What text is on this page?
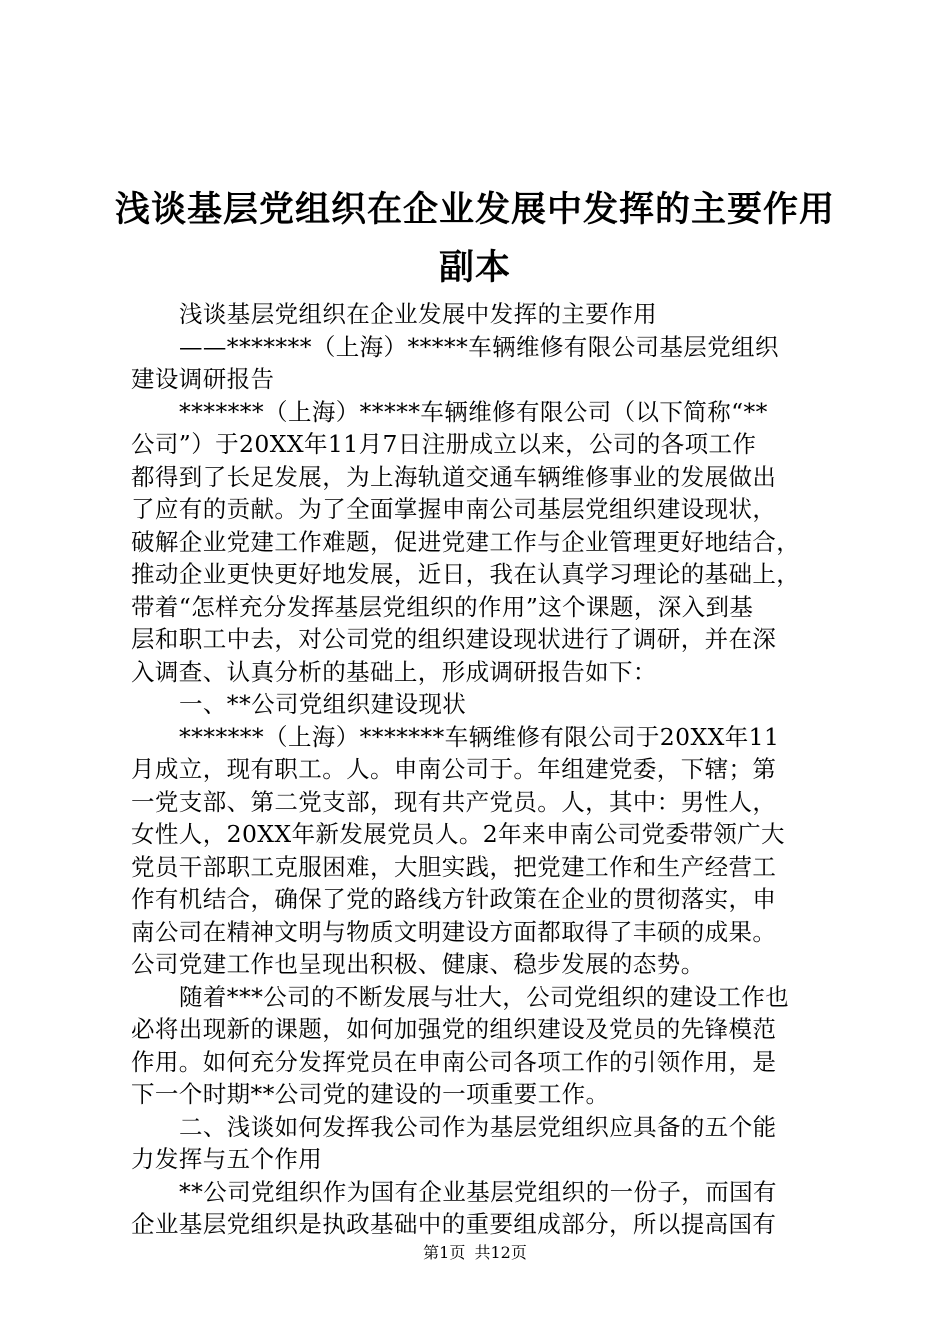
浅谈基层党组织在企业发展中发挥的主要作用
副本
浅谈基层党组织在企业发展中发挥的主要作用
——*******（上海）*****车辆维修有限公司基层党组织
建设调研报告
*******（上海）*****车辆维修有限公司（以下简称“**
公司”）于20XX年11月7日注册成立以来，公司的各项工作
都得到了长足发展，为上海轨道交通车辆维修事业的发展做出
了应有的贡献。为了全面掌握申南公司基层党组织建设现状，
破解企业党建工作难题，促进党建工作与企业管理更好地结合，
推动企业更快更好地发展，近日，我在认真学习理论的基础上，
带着“怎样充分发挥基层党组织的作用”这个课题，深入到基
层和职工中去，对公司党的组织建设现状进行了调研，并在深
入调查、认真分析的基础上，形成调研报告如下：
一、**公司党组织建设现状
*******（上海）*******车辆维修有限公司于20XX年11
月成立，现有职工。人。申南公司于。年组建党委，下辖；第
一党支部、第二党支部，现有共产党员。人，其中：男性人，
女性人，20XX年新发展党员人。2年来申南公司党委带领广大
党员干部职工克服困难，大胆实践，把党建工作和生产经营工
作有机结合，确保了党的路线方针政策在企业的贯彻落实，申
南公司在精神文明与物质文明建设方面都取得了丰硕的成果。
公司党建工作也呈现出积极、健康、稳步发展的态势。
随着***公司的不断发展与壮大，公司党组织的建设工作也
必将出现新的课题，如何加强党的组织建设及党员的先锋模范
作用。如何充分发挥党员在申南公司各项工作的引领作用，是
下一个时期**公司党的建设的一项重要工作。
二、浅谈如何发挥我公司作为基层党组织应具备的五个能
力发挥与五个作用
**公司党组织作为国有企业基层党组织的一份子，而国有
企业基层党组织是执政基础中的重要组成部分，所以提高国有
第1页 共12页
